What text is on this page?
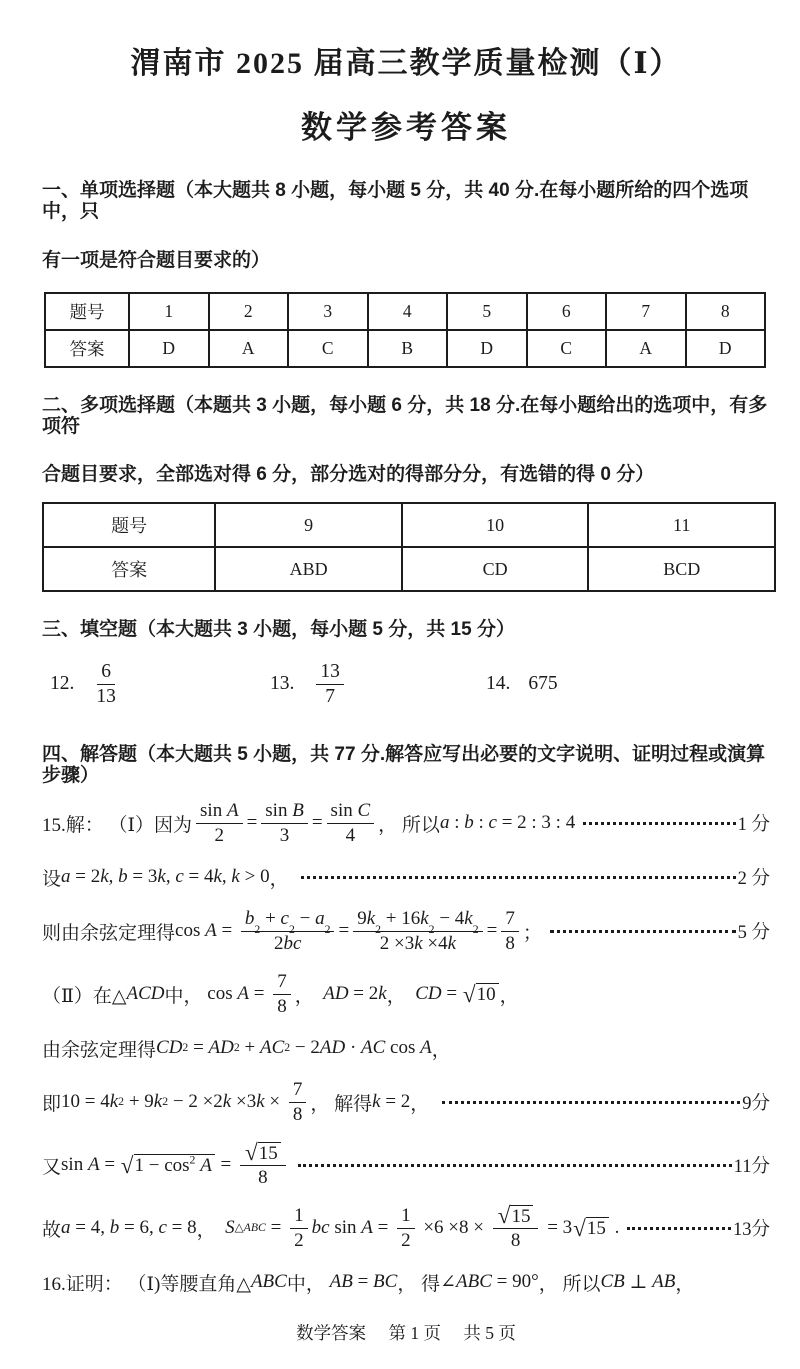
渭南市 2025 届高三教学质量检测（Ⅰ）
数学参考答案
一、单项选择题（本大题共 8 小题，每小题 5 分，共 40 分.在每小题所给的四个选项中，只
有一项是符合题目要求的）
题号	1	2	3	4	5	6	7	8
答案	D	A	C	B	D	C	A	D
二、多项选择题（本题共 3 小题，每小题 6 分，共 18 分.在每小题给出的选项中，有多项符
合题目要求，全部选对得 6 分，部分选对的得部分分，有选错的得 0 分）
题号	9	10	11
答案	ABD	CD	BCD
三、填空题（本大题共 3 小题，每小题 5 分，共 15 分）
12. $\frac{6}{13}$	13. $\frac{13}{7}$	14. 675
四、解答题（本大题共 5 小题，共 77 分.解答应写出必要的文字说明、证明过程或演算步骤）
15.解： （Ⅰ）因为 $\frac{\text{sin A}}{2} = \frac{\text{sin B}}{3} = \frac{\text{sin C}}{4}$ ， 所以 a : b : c = 2 : 3 : 4	1 分
设 a = 2 k , b = 3 k , c = 4 k , k > 0 ，	2 分
则由余弦定理得 $\cos A = \frac{b 2 + c 2 - a 2}{2 bc} = \frac{9 k 2 + 16 k 2 - 4 k 2}{2 \times 3 k \times 4 k} = \frac{7}{8}$ ；	5 分
（Ⅱ）在△ ACD 中， $\cos A = \frac{7}{8}$ ， AD = 2 k ， CD = √ 10 ，
由余弦定理得 CD 2 = AD 2 + AC 2 − 2 AD · AC cos A ，
即 10 = 4 k 2 + 9 k 2 − 2 ×2 k ×3 $k \times \frac{7}{8}$ ， 解得 k = 2 ，	9分
又 sin A = √ $1 - \cos^2 A = \frac{√ 15}{8}$	11分
故 a = 4, b = 6, c = 8 ， S △ABC = $\frac{1}{2}$ bc $\sin A = \frac{1}{2} \times 6 \times 8 \times \frac{√ 15}{8} = 3$ √ 15 .	13分
16.证明： （Ⅰ)等腰直角△ ABC 中， AB = BC ， 得 ∠ ABC = 90° ， 所以 CB ⊥ AB ，
数学答案 第 1 页 共 5 页
